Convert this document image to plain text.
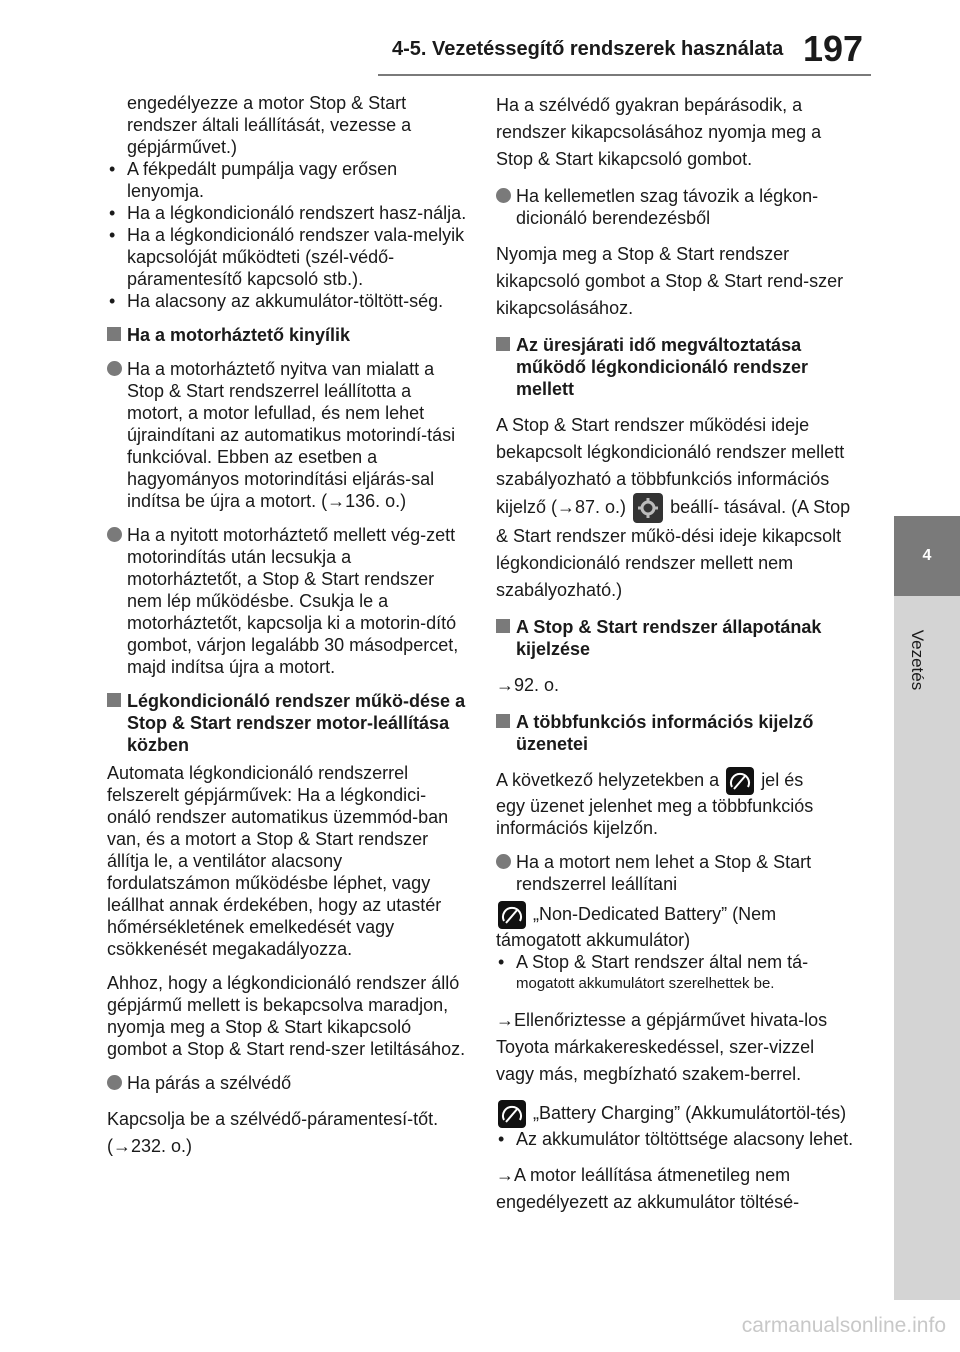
4-5. Vezetéssegítő rendszerek használata 197
4
Vezetés
engedélyezze a motor Stop & Start rendszer általi leállítását, vezesse a gépjárművet.)
• A fékpedált pumpálja vagy erősen lenyomja.
• Ha a légkondicionáló rendszert hasz-nálja.
• Ha a légkondicionáló rendszer vala-melyik kapcsolóját működteti (szél-védő-páramentesítő kapcsoló stb.).
• Ha alacsony az akkumulátor-töltött-ség.
Ha a motorháztető kinyílik
Ha a motorháztető nyitva van mialatt a Stop & Start rendszerrel leállította a motort, a motor lefullad, és nem lehet újraindítani az automatikus motorindí-tási funkcióval. Ebben az esetben a hagyományos motorindítási eljárás-sal indítsa be újra a motort. (→136. o.)
Ha a nyitott motorháztető mellett vég-zett motorindítás után lecsukja a motorháztetőt, a Stop & Start rendszer nem lép működésbe. Csukja le a motorháztetőt, kapcsolja ki a motorin-dító gombot, várjon legalább 30 másodpercet, majd indítsa újra a motort.
Légkondicionáló rendszer műkö-dése a Stop & Start rendszer motor-leállítása közben
Automata légkondicionáló rendszerrel felszerelt gépjárművek: Ha a légkondici-onáló rendszer automatikus üzemmód-ban van, és a motort a Stop & Start rendszer állítja le, a ventilátor alacsony fordulatszámon működésbe léphet, vagy leállhat annak érdekében, hogy az utastér hőmérsékletének emelkedését vagy csökkenését megakadályozza.
Ahhoz, hogy a légkondicionáló rendszer álló gépjármű mellett is bekapcsolva maradjon, nyomja meg a Stop & Start kikapcsoló gombot a Stop & Start rend-szer letiltásához.
Ha párás a szélvédő
Kapcsolja be a szélvédő-páramentesí-tőt. (→232. o.)
Ha a szélvédő gyakran bepárásodik, a rendszer kikapcsolásához nyomja meg a Stop & Start kikapcsoló gombot.
Ha kellemetlen szag távozik a légkon-dicionáló berendezésből
Nyomja meg a Stop & Start rendszer kikapcsoló gombot a Stop & Start rend-szer kikapcsolásához.
Az üresjárati idő megváltoztatása működő légkondicionáló rendszer mellett
A Stop & Start rendszer működési ideje bekapcsolt légkondicionáló rendszer mellett szabályozható a többfunkciós információs kijelző (→87. o.) beállí- tásával. (A Stop & Start rendszer műkö-dési ideje kikapcsolt légkondicionáló rendszer mellett nem szabályozható.)
A Stop & Start rendszer állapotának kijelzése
→92. o.
A többfunkciós információs kijelző üzenetei
A következő helyzetekben a jel és
egy üzenet jelenhet meg a többfunkciós információs kijelzőn.
Ha a motort nem lehet a Stop & Start rendszerrel leállítani
„Non-Dedicated Battery” (Nem támogatott akkumulátor)
• A Stop & Start rendszer által nem tá-
mogatott akkumulátort szerelhettek be.
→Ellenőriztesse a gépjárművet hivata-los Toyota márkakereskedéssel, szer-vizzel vagy más, megbízható szakem-berrel.
„Battery Charging” (Akkumulátortöl-tés)
• Az akkumulátor töltöttsége alacsony lehet.
→A motor leállítása átmenetileg nem engedélyezett az akkumulátor töltésé-
carmanualsonline.info
